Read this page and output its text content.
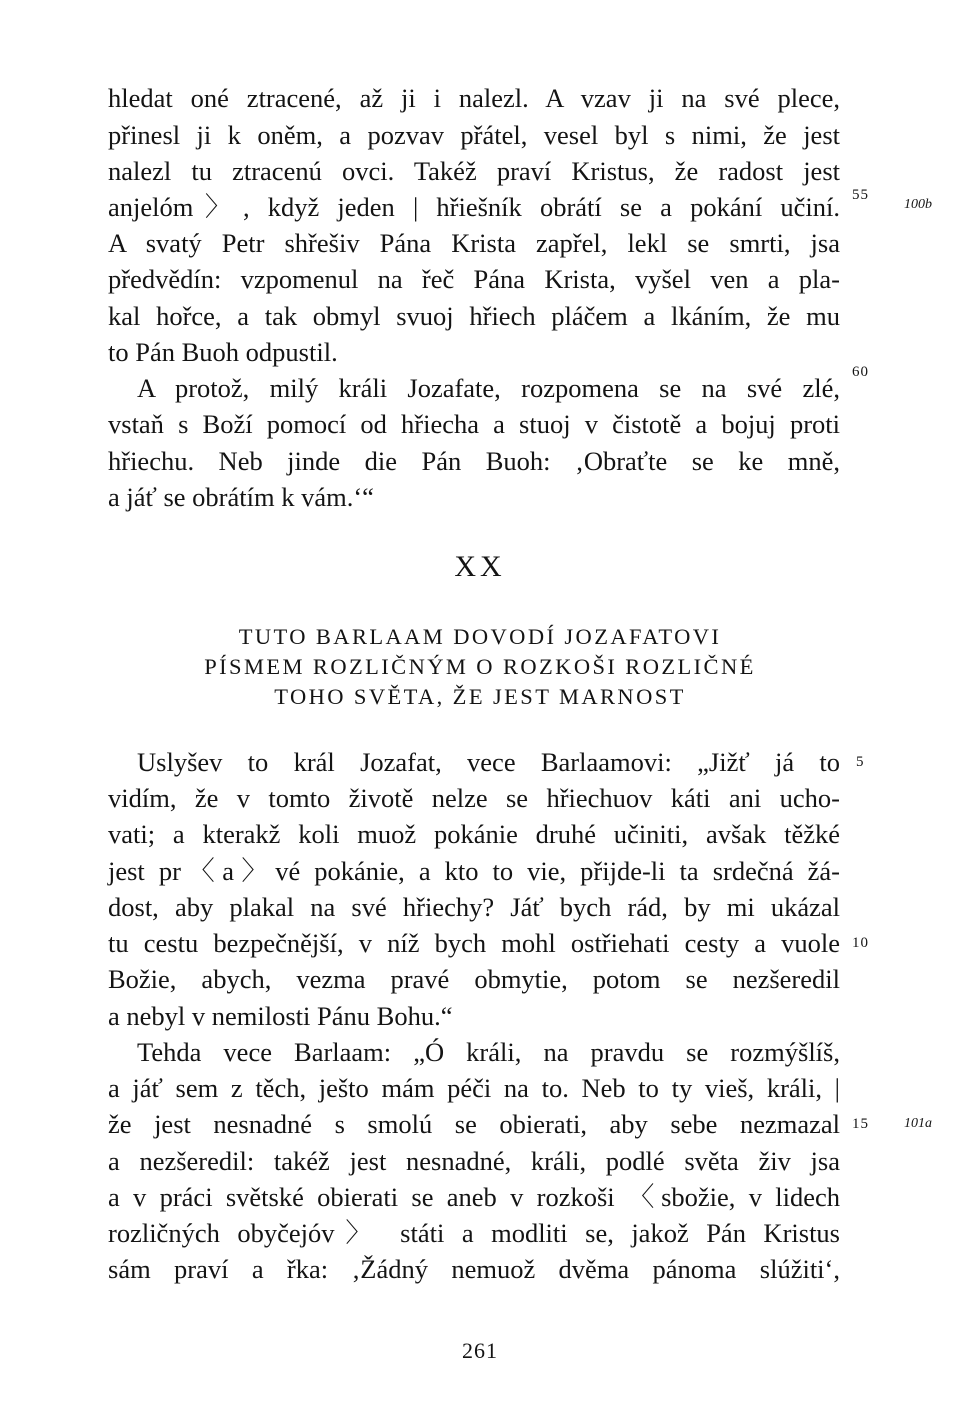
hledat oné ztracené, až ji i nalezl. A vzav ji na své plece,
přinesl ji k oněm, a pozvav přátel, vesel byl s nimi, že jest
nalezl tu ztracenú ovci. Takéž praví Kristus, že radost jest
anjelóm〉, když jeden | hřiešník obrátí se a pokání učiní.
A svatý Petr shřešiv Pána Krista zapřel, lekl se smrti, jsa
předvědín: vzpomenul na řeč Pána Krista, vyšel ven a pla-
kal hořce, a tak obmyl svuoj hřiech pláčem a lkáním, že mu
to Pán Buoh odpustil.
A protož, milý králi Jozafate, rozpomena se na své zlé,
vstaň s Boží pomocí od hřiecha a stuoj v čistotě a bojuj proti
hřiechu. Neb jinde die Pán Buoh: ‚Obraťte se ke mně,
a jáť se obrátím k vám.‘“
55
100b
60
XX
TUTO BARLAAM DOVODÍ JOZAFATOVI
PÍSMEM ROZLIČNÝM O ROZKOŠI ROZLIČNÉ
TOHO SVĚTA, ŽE JEST MARNOST
Uslyšev to král Jozafat, vece Barlaamovi: „Jižť já to
vidím, že v tomto životě nelze se hřiechuov káti ani ucho-
vati; a kterakž koli muož pokánie druhé učiniti, avšak těžké
jest pr〈a〉vé pokánie, a kto to vie, přijde-li ta srdečná žá-
dost, aby plakal na své hřiechy? Jáť bych rád, by mi ukázal
tu cestu bezpečnější, v níž bych mohl ostřiehati cesty a vuole
Božie, abych, vezma pravé obmytie, potom se nezšeredil
a nebyl v nemilosti Pánu Bohu.“
Tehda vece Barlaam: „Ó králi, na pravdu se rozmýšlíš,
a jáť sem z těch, ješto mám péči na to. Neb to ty vieš, králi, |
že jest nesnadné s smolú se obierati, aby sebe nezmazal
a nezšeredil: takéž jest nesnadné, králi, podlé světa živ jsa
a v práci světské obierati se aneb v rozkoši 〈sbožie, v lidech
rozličných obyčejóv〉 státi a modliti se, jakož Pán Kristus
sám praví a řka: ‚Žádný nemuož dvěma pánoma slúžiti‘,
5
10
15	101a
261
